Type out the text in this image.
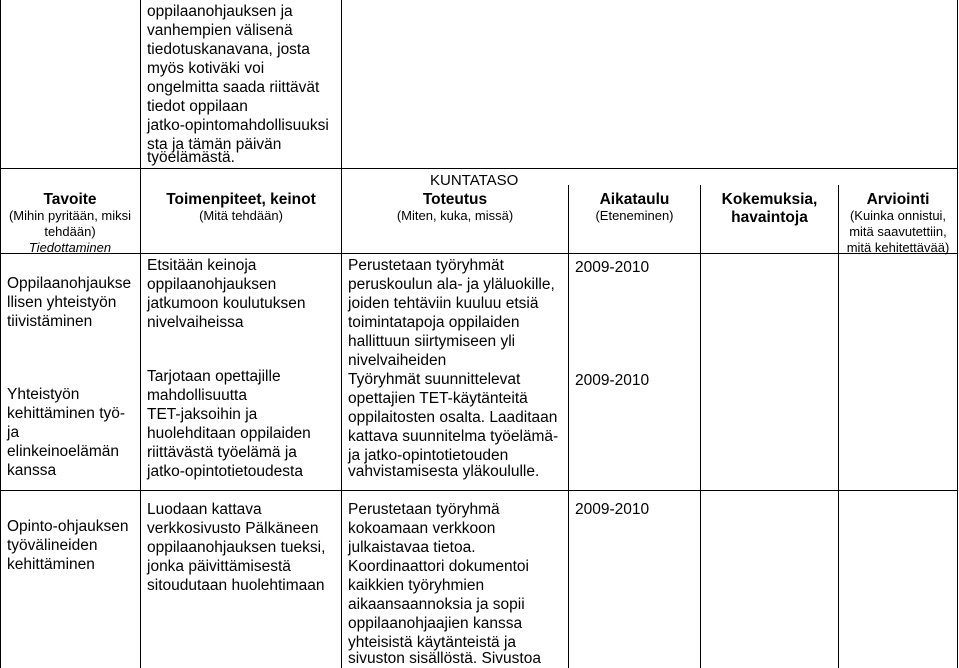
oppilaanohjauksen ja
vanhempien välisenä
tiedotuskanavana, josta
myös kotiväki voi
ongelmitta saada riittävät
tiedot oppilaan
jatko-opintomahdollisuuksi
sta ja tämän päivän
työelämästä.
KUNTATASO
Tavoite
(Mihin pyritään, miksi
tehdään)
Tiedottaminen
Toimenpiteet, keinot
(Mitä tehdään)
Toteutus
(Miten, kuka, missä)
Aikataulu
(Eteneminen)
Kokemuksia,
havaintoja
Arviointi
(Kuinka onnistui,
mitä saavutettiin,
mitä kehitettävää)
Oppilaanohjaukse
llisen yhteistyön
tiivistäminen
Etsitään keinoja
oppilaanohjauksen
jatkumoon koulutuksen
nivelvaiheissa
Perustetaan työryhmät
peruskoulun ala- ja yläluokille,
joiden tehtäviin kuuluu etsiä
toimintatapoja oppilaiden
hallittuun siirtymiseen yli
nivelvaiheiden
2009-2010
Yhteistyön
kehittäminen työ-
ja
elinkeinoelämän
kanssa
Tarjotaan opettajille
mahdollisuutta
TET-jaksoihin ja
huolehditaan oppilaiden
riittävästä työelämä ja
jatko-opintotietoudesta
Työryhmät suunnittelevat
opettajien TET-käytänteitä
oppilaitosten osalta. Laaditaan
kattava suunnitelma työelämä-
ja jatko-opintotietouden
vahvistamisesta yläkoululle.
2009-2010
Opinto-ohjauksen
työvälineiden
kehittäminen
Luodaan kattava
verkkosivusto Pälkäneen
oppilaanohjauksen tueksi,
jonka päivittämisestä
sitoudutaan huolehtimaan
Perustetaan työryhmä
kokoamaan verkkoon
julkaistavaa tietoa.
Koordinaattori dokumentoi
kaikkien työryhmien
aikaansaannoksia ja sopii
oppilaanohjaajien kanssa
yhteisistä käytänteistä ja
sivuston sisällöstä. Sivustoa
2009-2010
